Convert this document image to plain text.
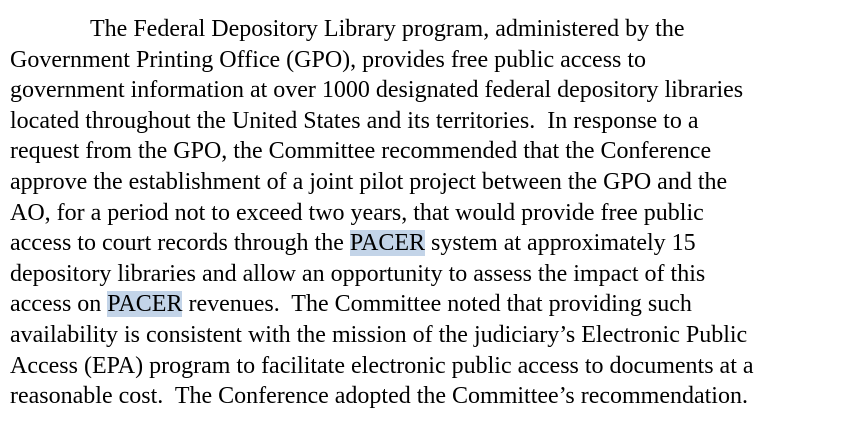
The Federal Depository Library program, administered by the
Government Printing Office (GPO), provides free public access to
government information at over 1000 designated federal depository libraries
located throughout the United States and its territories.  In response to a
request from the GPO, the Committee recommended that the Conference
approve the establishment of a joint pilot project between the GPO and the
AO, for a period not to exceed two years, that would provide free public
access to court records through the PACER system at approximately 15
depository libraries and allow an opportunity to assess the impact of this
access on PACER revenues.  The Committee noted that providing such
availability is consistent with the mission of the judiciary’s Electronic Public
Access (EPA) program to facilitate electronic public access to documents at a
reasonable cost.  The Conference adopted the Committee’s recommendation.
